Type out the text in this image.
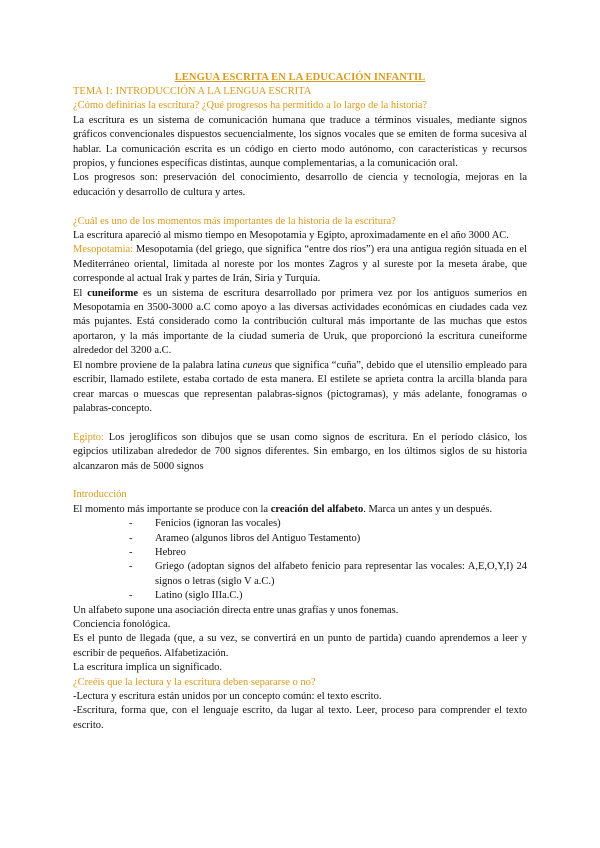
LENGUA ESCRITA EN LA EDUCACIÓN INFANTIL
TEMA 1: INTRODUCCIÓN A LA LENGUA ESCRITA
¿Cómo definirías la escritura? ¿Qué progresos ha permitido a lo largo de la historia?

La escritura es un sistema de comunicación humana que traduce a términos visuales, mediante signos gráficos convencionales dispuestos secuencialmente, los signos vocales que se emiten de forma sucesiva al hablar. La comunicación escrita es un código en cierto modo autónomo, con características y recursos propios, y funciones específicas distintas, aunque complementarias, a la comunicación oral.

Los progresos son: preservación del conocimiento, desarrollo de ciencia y tecnología, mejoras en la educación y desarrollo de cultura y artes.

¿Cuál es uno de los momentos más importantes de la historia de la escritura?

La escritura apareció al mismo tiempo en Mesopotamia y Egipto, aproximadamente en el año 3000 AC.

Mesopotamia: Mesopotamia (del griego, que significa “entre dos ríos”) era una antigua región situada en el Mediterráneo oriental, limitada al noreste por los montes Zagros y al sureste por la meseta árabe, que corresponde al actual Irak y partes de Irán, Siria y Turquía.

El cuneiforme es un sistema de escritura desarrollado por primera vez por los antiguos sumerios en Mesopotamia en 3500-3000 a.C como apoyo a las diversas actividades económicas en ciudades cada vez más pujantes. Está considerado como la contribución cultural más importante de las muchas que estos aportaron, y la más importante de la ciudad sumeria de Uruk, que proporcionó la escritura cuneiforme alrededor del 3200 a.C.

El nombre proviene de la palabra latina cuneus que significa “cuña”, debido que el utensilio empleado para escribir, llamado estilete, estaba cortado de esta manera. El estilete se aprieta contra la arcilla blanda para crear marcas o muescas que representan palabras-signos (pictogramas), y más adelante, fonogramas o palabras-concepto.

Egipto: Los jeroglíficos son dibujos que se usan como signos de escritura. En el período clásico, los egipcios utilizaban alrededor de 700 signos diferentes. Sin embargo, en los últimos siglos de su historia alcanzaron más de 5000 signos

Introducción

El momento más importante se produce con la creación del alfabeto. Marca un antes y un después.

- Fenicios (ignoran las vocales)
- Arameo (algunos libros del Antiguo Testamento)
- Hebreo
- Griego (adoptan signos del alfabeto fenicio para representar las vocales: A,E,O,Y,I) 24 signos o letras (siglo V a.C.)
- Latino (siglo IIIa.C.)

Un alfabeto supone una asociación directa entre unas grafías y unos fonemas.

Conciencia fonológica.

Es el punto de llegada (que, a su vez, se convertirá en un punto de partida) cuando aprendemos a leer y escribir de pequeños. Alfabetización.

La escritura implica un significado.

¿Creéis que la lectura y la escritura deben separarse o no?

-Lectura y escritura están unidos por un concepto común: el texto escrito.

-Escritura, forma que, con el lenguaje escrito, da lugar al texto. Leer, proceso para comprender el texto escrito.
